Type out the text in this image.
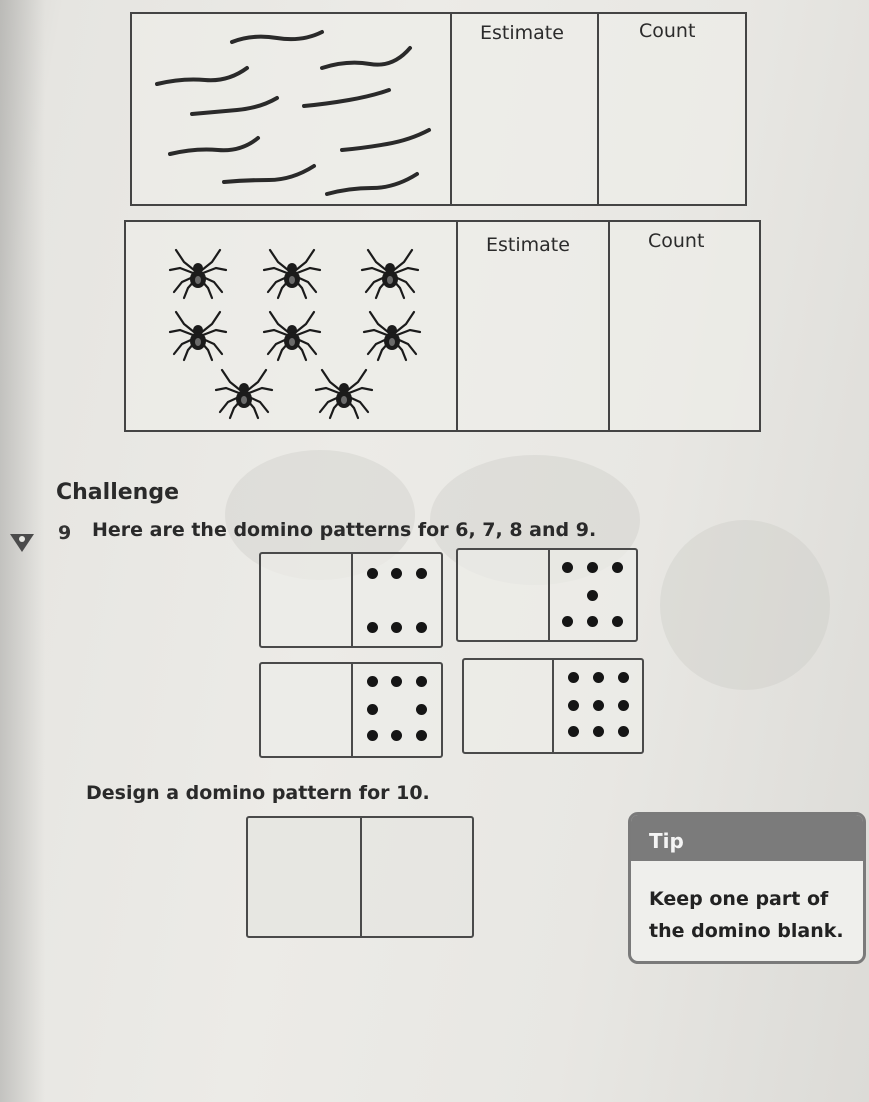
Estimate	Count
Estimate	Count
Challenge
9 Here are the domino patterns for 6, 7, 8 and 9.
Design a domino pattern for 10.
Tip
Keep one part of the domino blank.
